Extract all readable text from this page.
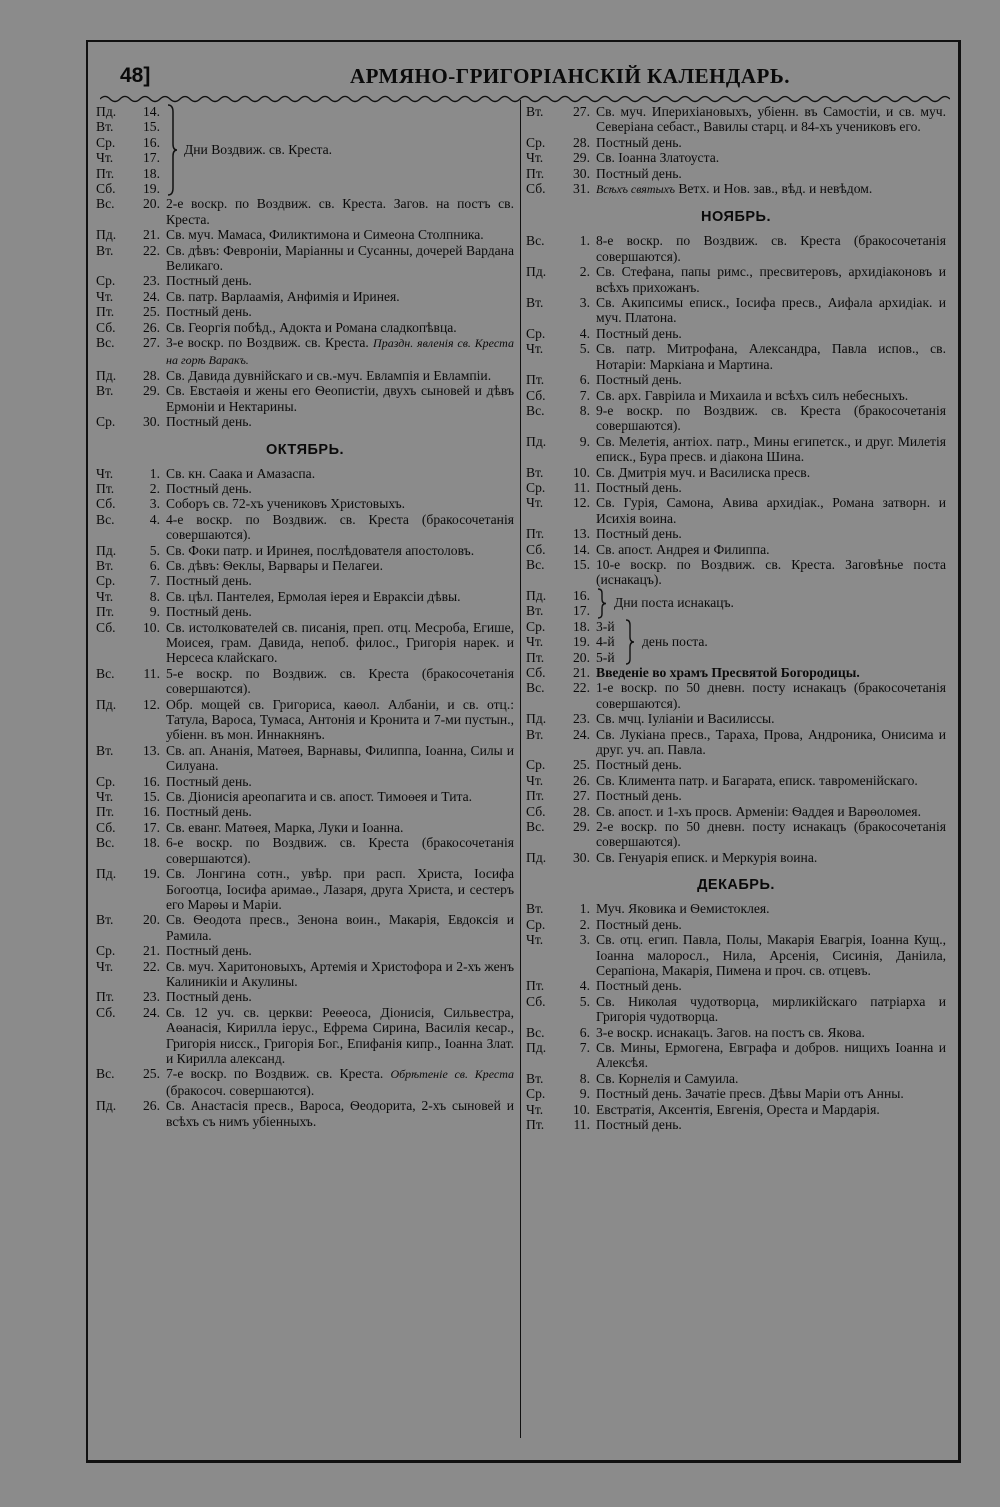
48]	АРМЯНО-ГРИГОРІАНСКІЙ КАЛЕНДАРЬ.
Пд.	14.
Вт.	15.
Ср.	16.
Чт.	17.
Пт.	18.
Сб.	19.
Дни Воздвиж. св. Креста.
Вс.	20. 2-е воскр. по Воздвиж. св. Креста. Загов. на постъ св. Креста.
Пд.	21. Св. муч. Мамаса, Филиктимона и Симеона Столпника.
Вт.	22. Св. дѣвъ: Февроніи, Маріанны и Сусанны, дочерей Вардана Великаго.
Ср.	23. Постный день.
Чт.	24. Св. патр. Варлаамія, Анфимія и Иринея.
Пт.	25. Постный день.
Сб.	26. Св. Георгія побѣд., Адокта и Романа сладкопѣвца.
Вс.	27. 3-е воскр. по Воздвиж. св. Креста. Праздн. явленія св. Креста на горѣ Варакъ.
Пд.	28. Св. Давида дувнійскаго и св.-муч. Евлампія и Евлампіи.
Вт.	29. Св. Евстаѳія и жены его Ѳеопистіи, двухъ сыновей и дѣвъ Ермоніи и Нектарины.
Ср.	30. Постный день.
ОКТЯБРЬ.
Чт.	1. Св. кн. Саака и Амазаспа.
Пт.	2. Постный день.
Сб.	3. Соборъ св. 72-хъ учениковъ Христовыхъ.
Вс.	4. 4-е воскр. по Воздвиж. св. Креста (бракосочетанія совершаются).
Пд.	5. Св. Фоки патр. и Иринея, послѣдователя апостоловъ.
Вт.	6. Св. дѣвъ: Ѳеклы, Варвары и Пелагеи.
Ср.	7. Постный день.
Чт.	8. Св. цѣл. Пантелея, Ермолая іерея и Евраксіи дѣвы.
Пт.	9. Постный день.
Сб.	10. Св. истолкователей св. писанія, преп. отц. Месроба, Егише, Моисея, грам. Давида, непоб. филос., Григорія нарек. и Нерсеса клайскаго.
Вс.	11. 5-е воскр. по Воздвиж. св. Креста (бракосочетанія совершаются).
Пд.	12. Обр. мощей св. Григориса, каѳол. Албаніи, и св. отц.: Татула, Вароса, Тумаса, Антонія и Кронита и 7-ми пустын., убіенн. въ мон. Иннакнянъ.
Вт.	13. Св. ап. Ананія, Матѳея, Варнавы, Филиппа, Іоанна, Силы и Силуана.
Ср.	16. Постный день.
Чт.	15. Св. Діонисія ареопагита и св. апост. Тимоѳея и Тита.
Пт.	16. Постный день.
Сб.	17. Св. еванг. Матѳея, Марка, Луки и Іоанна.
Вс.	18. 6-е воскр. по Воздвиж. св. Креста (бракосочетанія совершаются).
Пд.	19. Св. Лонгина сотн., увѣр. при расп. Христа, Іосифа Богоотца, Іосифа аримаѳ., Лазаря, друга Христа, и сестеръ его Марѳы и Маріи.
Вт.	20. Св. Ѳеодота пресв., Зенона воин., Макарія, Евдоксія и Рамила.
Ср.	21. Постный день.
Чт.	22. Св. муч. Харитоновыхъ, Артемія и Христофора и 2-хъ женъ Калиникіи и Акулины.
Пт.	23. Постный день.
Сб.	24. Св. 12 уч. св. церкви: Реѳеоса, Діонисія, Сильвестра, Аѳанасія, Кирилла іерус., Ефрема Сирина, Василія кесар., Григорія нисск., Григорія Бог., Епифанія кипр., Іоанна Злат. и Кирилла александ.
Вс.	25. 7-е воскр. по Воздвиж. св. Креста. Обрѣтеніе св. Креста (бракосоч. совершаются).
Пд.	26. Св. Анастасія пресв., Вароса, Ѳеодорита, 2-хъ сыновей и всѣхъ съ нимъ убіенныхъ.
Вт.	27. Св. муч. Иперихіановыхъ, убіенн. въ Самостіи, и св. муч. Северіана себаст., Вавилы старц. и 84-хъ учениковъ его.
Ср.	28. Постный день.
Чт.	29. Св. Іоанна Златоуста.
Пт.	30. Постный день.
Сб.	31. Всѣхъ святыхъ Ветх. и Нов. зав., вѣд. и невѣдом.
НОЯБРЬ.
Вс.	1. 8-е воскр. по Воздвиж. св. Креста (бракосочетанія совершаются).
Пд.	2. Св. Стефана, папы римс., пресвитеровъ, архидіаконовъ и всѣхъ прихожанъ.
Вт.	3. Св. Акипсимы еписк., Іосифа пресв., Аифала архидіак. и муч. Платона.
Ср.	4. Постный день.
Чт.	5. Св. патр. Митрофана, Александра, Павла испов., св. Нотаріи: Маркіана и Мартина.
Пт.	6. Постный день.
Сб.	7. Св. арх. Гавріила и Михаила и всѣхъ силъ небесныхъ.
Вс.	8. 9-е воскр. по Воздвиж. св. Креста (бракосочетанія совершаются).
Пд.	9. Св. Мелетія, антіох. патр., Мины египетск., и друг. Милетія еписк., Бура пресв. и діакона Шина.
Вт.	10. Св. Дмитрія муч. и Василиска пресв.
Ср.	11. Постный день.
Чт.	12. Св. Гурія, Самона, Авива архидіак., Романа затворн. и Исихія воина.
Пт.	13. Постный день.
Сб.	14. Св. апост. Андрея и Филиппа.
Вс.	15. 10-е воскр. по Воздвиж. св. Креста. Заговѣнье поста (иснакацъ).
Пд.	16.
Вт.	17.
Дни поста иснакацъ.
Ср.	18. 3-й
Чт.	19. 4-й
Пт.	20. 5-й
день поста.
Сб.	21. Введеніе во храмъ Пресвятой Богородицы.
Вс.	22. 1-е воскр. по 50 дневн. посту иснакацъ (бракосочетанія совершаются).
Пд.	23. Св. мчц. Іуліаніи и Василиссы.
Вт.	24. Св. Лукіана пресв., Тараха, Прова, Андроника, Онисима и друг. уч. ап. Павла.
Ср.	25. Постный день.
Чт.	26. Св. Климента патр. и Багарата, еписк. тавроменійскаго.
Пт.	27. Постный день.
Сб.	28. Св. апост. и 1-хъ просв. Арменіи: Ѳаддея и Варѳоломея.
Вс.	29. 2-е воскр. по 50 дневн. посту иснакацъ (бракосочетанія совершаются).
Пд.	30. Св. Генуарія еписк. и Меркурія воина.
ДЕКАБРЬ.
Вт.	1. Муч. Яковика и Ѳемистоклея.
Ср.	2. Постный день.
Чт.	3. Св. отц. егип. Павла, Полы, Макарія Евагрія, Іоанна Кущ., Іоанна малоросл., Нила, Арсенія, Сисинія, Даніила, Серапіона, Макарія, Пимена и проч. св. отцевъ.
Пт.	4. Постный день.
Сб.	5. Св. Николая чудотворца, мирликійскаго патріарха и Григорія чудотворца.
Вс.	6. 3-е воскр. иснакацъ. Загов. на постъ св. Якова.
Пд.	7. Св. Мины, Ермогена, Евграфа и добров. нищихъ Іоанна и Алексѣя.
Вт.	8. Св. Корнелія и Самуила.
Ср.	9. Постный день. Зачатіе пресв. Дѣвы Маріи отъ Анны.
Чт.	10. Евстратія, Аксентія, Евгенія, Ореста и Мардарія.
Пт.	11. Постный день.
